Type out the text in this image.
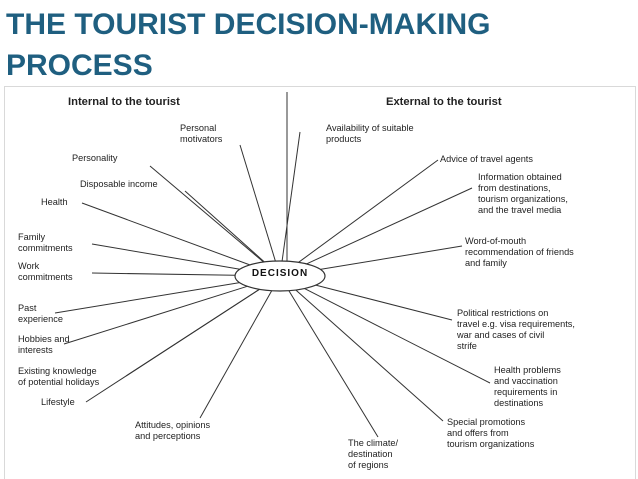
THE TOURIST DECISION-MAKING
PROCESS
Internal to the tourist	External to the tourist
DECISION
Personal
motivators
Personality
Disposable income
Health
Family
commitments
Work
commitments
Past
experience
Hobbies and
interests
Existing knowledge
of potential holidays
Lifestyle
Attitudes, opinions
and perceptions
Availability of suitable
products
Advice of travel agents
Information obtained
from destinations,
tourism organizations,
and the travel media
Word-of-mouth
recommendation of friends
and family
Political restrictions on
travel e.g. visa requirements,
war and cases of civil
strife
Health problems
and vaccination
requirements in
destinations
Special promotions
and offers from
tourism organizations
The climate/
destination
of regions
